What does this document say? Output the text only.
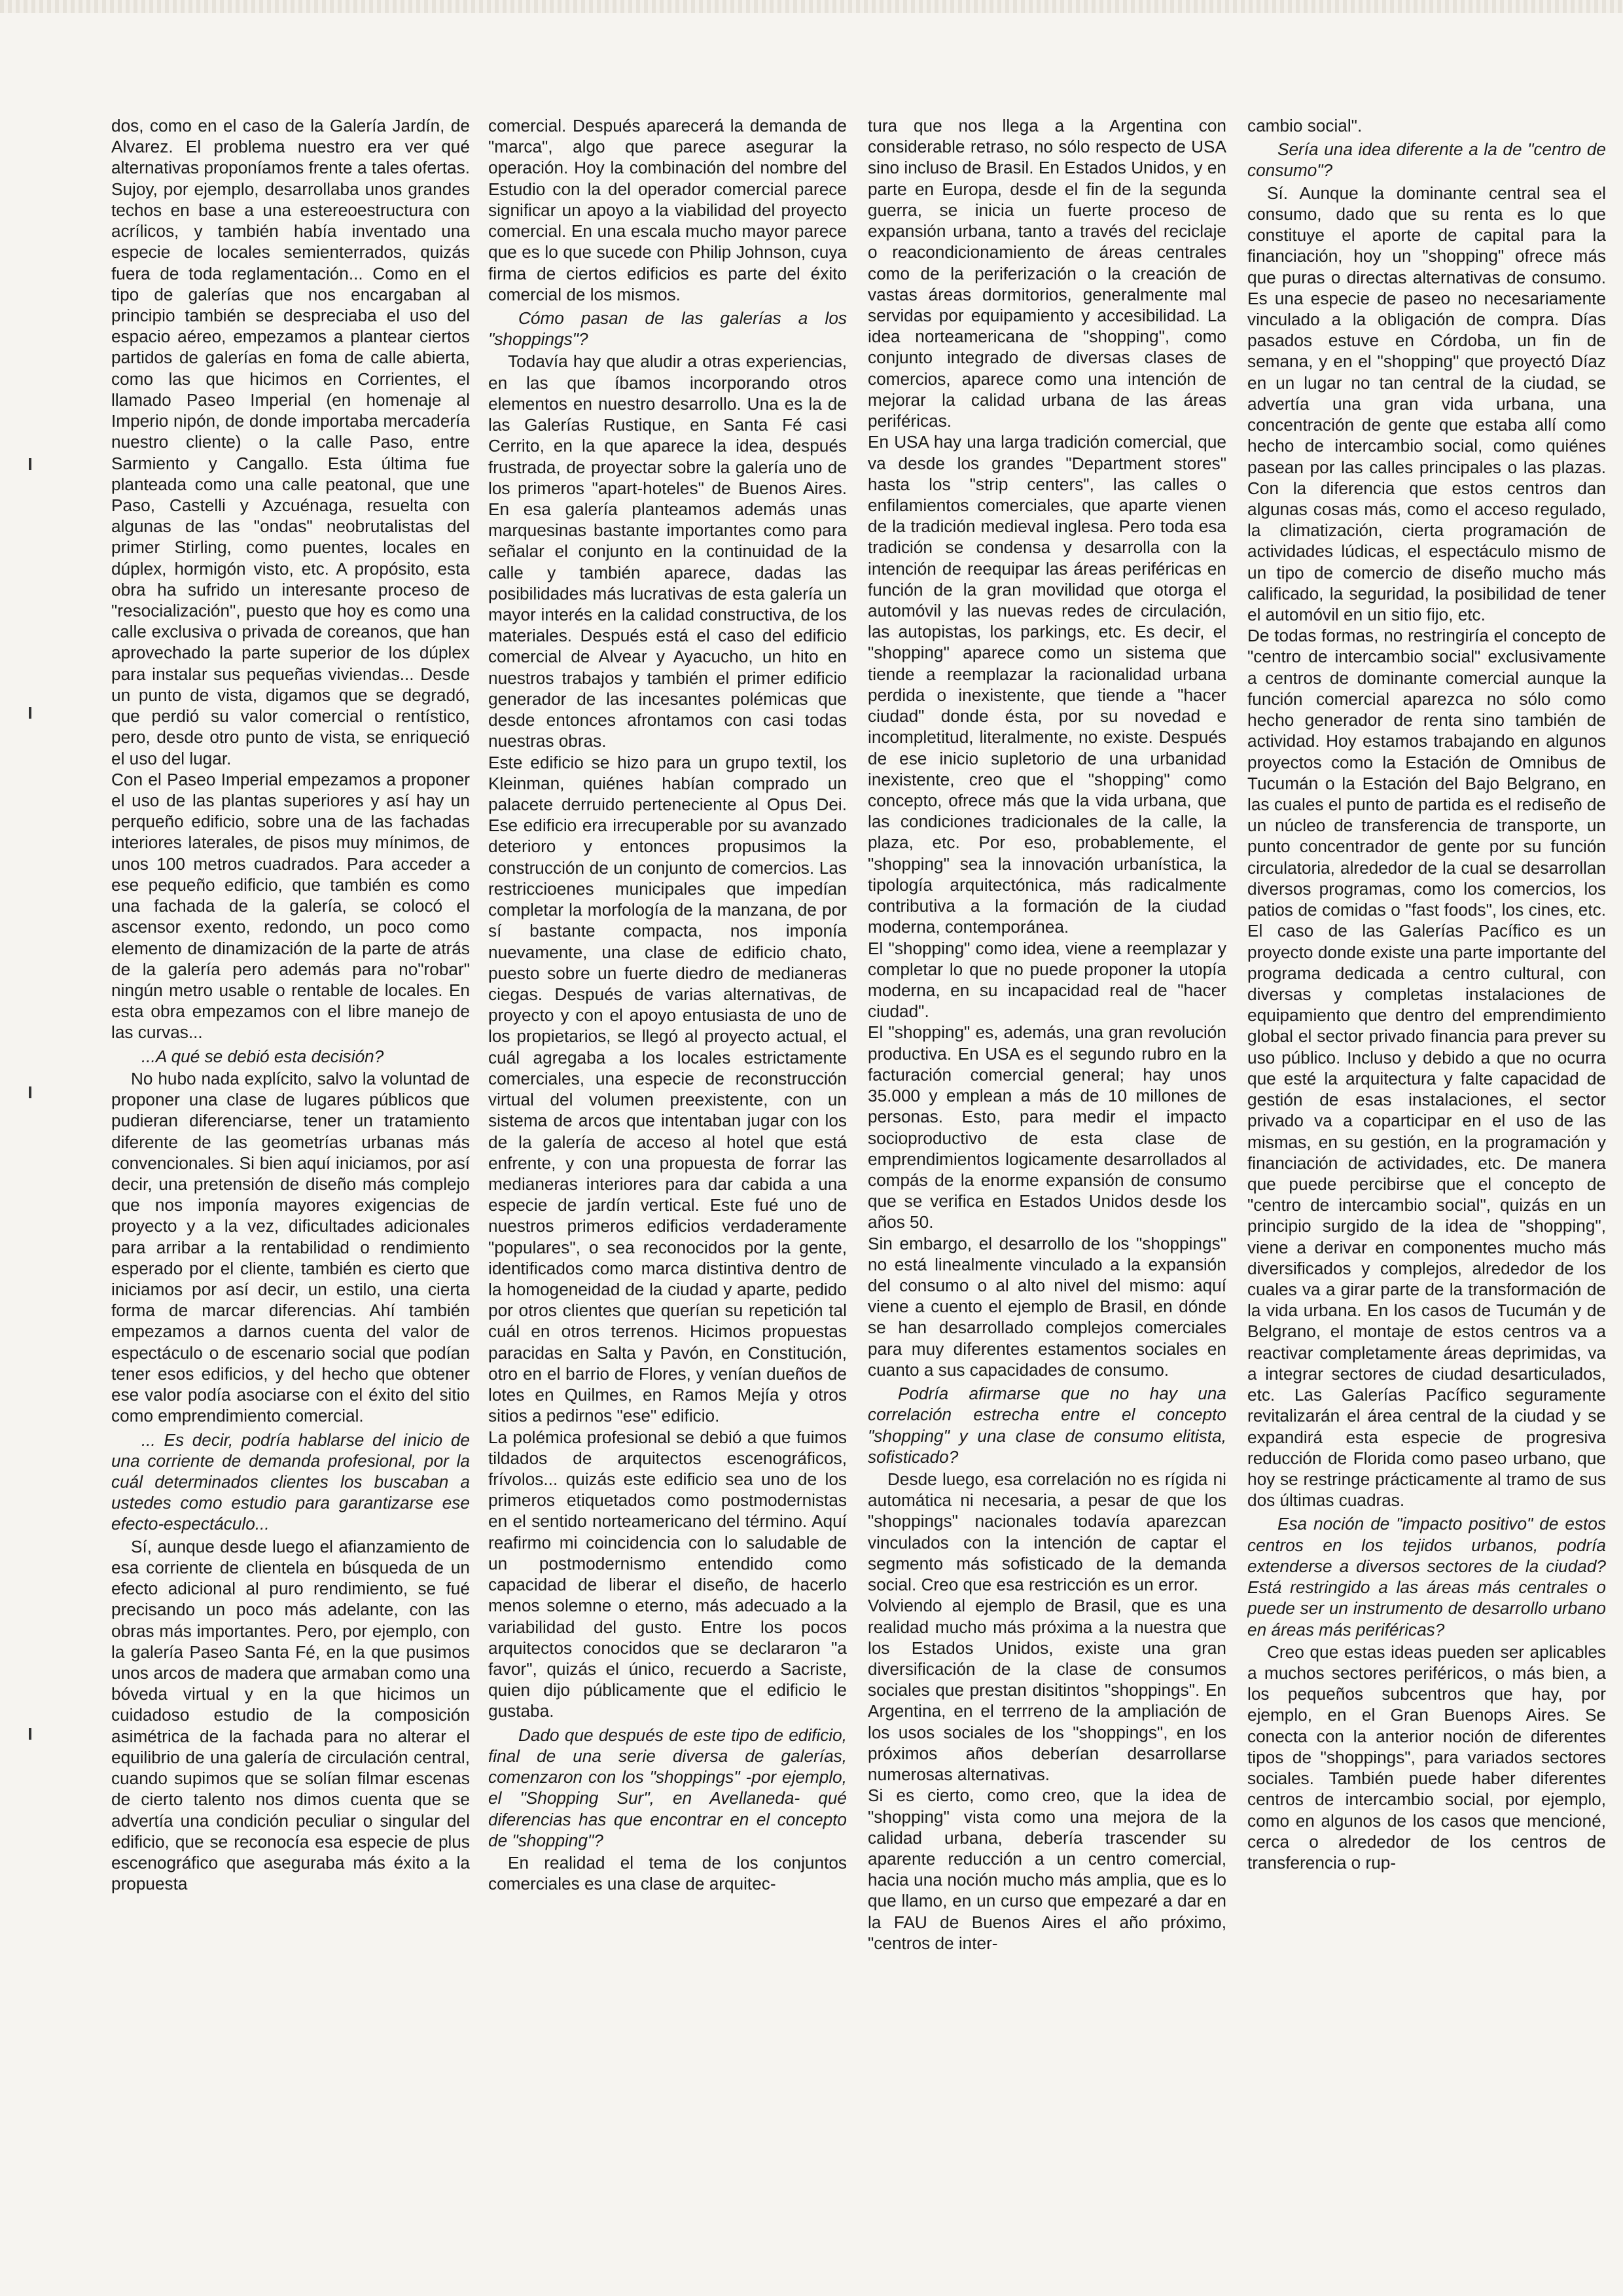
dos, como en el caso de la Galería Jardín, de Alvarez. El problema nuestro era ver qué alternativas proponíamos frente a tales ofertas. Sujoy, por ejemplo, desarrollaba unos grandes techos en base a una estereoestructura con acrílicos, y también había inventado una especie de locales semienterrados, quizás fuera de toda reglamentación... Como en el tipo de galerías que nos encargaban al principio también se despreciaba el uso del espacio aéreo, empezamos a plantear ciertos partidos de galerías en foma de calle abierta, como las que hicimos en Corrientes, el llamado Paseo Imperial (en homenaje al Imperio nipón, de donde importaba mercadería nuestro cliente) o la calle Paso, entre Sarmiento y Cangallo. Esta última fue planteada como una calle peatonal, que une Paso, Castelli y Azcuénaga, resuelta con algunas de las "ondas" neobrutalistas del primer Stirling, como puentes, locales en dúplex, hormigón visto, etc. A propósito, esta obra ha sufrido un interesante proceso de "resocialización", puesto que hoy es como una calle exclusiva o privada de coreanos, que han aprovechado la parte superior de los dúplex para instalar sus pequeñas viviendas... Desde un punto de vista, digamos que se degradó, que perdió su valor comercial o rentístico, pero, desde otro punto de vista, se enriqueció el uso del lugar.

Con el Paseo Imperial empezamos a proponer el uso de las plantas superiores y así hay un perqueño edificio, sobre una de las fachadas interiores laterales, de pisos muy mínimos, de unos 100 metros cuadrados. Para acceder a ese pequeño edificio, que también es como una fachada de la galería, se colocó el ascensor exento, redondo, un poco como elemento de dinamización de la parte de atrás de la galería pero además para no"robar" ningún metro usable o rentable de locales. En esta obra empezamos con el libre manejo de las curvas...

...A qué se debió esta decisión?

No hubo nada explícito, salvo la voluntad de proponer una clase de lugares públicos que pudieran diferenciarse, tener un tratamiento diferente de las geometrías urbanas más convencionales. Si bien aquí iniciamos, por así decir, una pretensión de diseño más complejo que nos imponía mayores exigencias de proyecto y a la vez, dificultades adicionales para arribar a la rentabilidad o rendimiento esperado por el cliente, también es cierto que iniciamos por así decir, un estilo, una cierta forma de marcar diferencias. Ahí también empezamos a darnos cuenta del valor de espectáculo o de escenario social que podían tener esos edificios, y del hecho que obtener ese valor podía asociarse con el éxito del sitio como emprendimiento comercial.

... Es decir, podría hablarse del inicio de una corriente de demanda profesional, por la cuál determinados clientes los buscaban a ustedes como estudio para garantizarse ese efecto-espectáculo...

Sí, aunque desde luego el afianzamiento de esa corriente de clientela en búsqueda de un efecto adicional al puro rendimiento, se fué precisando un poco más adelante, con las obras más importantes. Pero, por ejemplo, con la galería Paseo Santa Fé, en la que pusimos unos arcos de madera que armaban como una bóveda virtual y en la que hicimos un cuidadoso estudio de la composición asimétrica de la fachada para no alterar el equilibrio de una galería de circulación central, cuando supimos que se solían filmar escenas de cierto talento nos dimos cuenta que se advertía una condición peculiar o singular del edificio, que se reconocía esa especie de plus escenográfico que aseguraba más éxito a la propuesta

comercial. Después aparecerá la demanda de "marca", algo que parece asegurar la operación. Hoy la combinación del nombre del Estudio con la del operador comercial parece significar un apoyo a la viabilidad del proyecto comercial. En una escala mucho mayor parece que es lo que sucede con Philip Johnson, cuya firma de ciertos edificios es parte del éxito comercial de los mismos.

Cómo pasan de las galerías a los "shoppings"?

Todavía hay que aludir a otras experiencias, en las que íbamos incorporando otros elementos en nuestro desarrollo. Una es la de las Galerías Rustique, en Santa Fé casi Cerrito, en la que aparece la idea, después frustrada, de proyectar sobre la galería uno de los primeros "apart-hoteles" de Buenos Aires. En esa galería planteamos además unas marquesinas bastante importantes como para señalar el conjunto en la continuidad de la calle y también aparece, dadas las posibilidades más lucrativas de esta galería un mayor interés en la calidad constructiva, de los materiales. Después está el caso del edificio comercial de Alvear y Ayacucho, un hito en nuestros trabajos y también el primer edificio generador de las incesantes polémicas que desde entonces afrontamos con casi todas nuestras obras.

Este edificio se hizo para un grupo textil, los Kleinman, quiénes habían comprado un palacete derruido perteneciente al Opus Dei. Ese edificio era irrecuperable por su avanzado deterioro y entonces propusimos la construcción de un conjunto de comercios. Las restriccioenes municipales que impedían completar la morfología de la manzana, de por sí bastante compacta, nos imponía nuevamente, una clase de edificio chato, puesto sobre un fuerte diedro de medianeras ciegas. Después de varias alternativas, de proyecto y con el apoyo entusiasta de uno de los propietarios, se llegó al proyecto actual, el cuál agregaba a los locales estrictamente comerciales, una especie de reconstrucción virtual del volumen preexistente, con un sistema de arcos que intentaban jugar con los de la galería de acceso al hotel que está enfrente, y con una propuesta de forrar las medianeras interiores para dar cabida a una especie de jardín vertical. Este fué uno de nuestros primeros edificios verdaderamente "populares", o sea reconocidos por la gente, identificados como marca distintiva dentro de la homogeneidad de la ciudad y aparte, pedido por otros clientes que querían su repetición tal cuál en otros terrenos. Hicimos propuestas paracidas en Salta y Pavón, en Constitución, otro en el barrio de Flores, y venían dueños de lotes en Quilmes, en Ramos Mejía y otros sitios a pedirnos "ese" edificio.

La polémica profesional se debió a que fuimos tildados de arquitectos escenográficos, frívolos... quizás este edificio sea uno de los primeros etiquetados como postmodernistas en el sentido norteamericano del término. Aquí reafirmo mi coincidencia con lo saludable de un postmodernismo entendido como capacidad de liberar el diseño, de hacerlo menos solemne o eterno, más adecuado a la variabilidad del gusto. Entre los pocos arquitectos conocidos que se declararon "a favor", quizás el único, recuerdo a Sacriste, quien dijo públicamente que el edificio le gustaba.

Dado que después de este tipo de edificio, final de una serie diversa de galerías, comenzaron con los "shoppings" -por ejemplo, el "Shopping Sur", en Avellaneda- qué diferencias has que encontrar en el concepto de "shopping"?

En realidad el tema de los conjuntos comerciales es una clase de arquitec-

tura que nos llega a la Argentina con considerable retraso, no sólo respecto de USA sino incluso de Brasil. En Estados Unidos, y en parte en Europa, desde el fin de la segunda guerra, se inicia un fuerte proceso de expansión urbana, tanto a través del reciclaje o reacondicionamiento de áreas centrales como de la periferización o la creación de vastas áreas dormitorios, generalmente mal servidas por equipamiento y accesibilidad. La idea norteamericana de "shopping", como conjunto integrado de diversas clases de comercios, aparece como una intención de mejorar la calidad urbana de las áreas periféricas.

En USA hay una larga tradición comercial, que va desde los grandes "Department stores" hasta los "strip centers", las calles o enfilamientos comerciales, que aparte vienen de la tradición medieval inglesa. Pero toda esa tradición se condensa y desarrolla con la intención de reequipar las áreas periféricas en función de la gran movilidad que otorga el automóvil y las nuevas redes de circulación, las autopistas, los parkings, etc. Es decir, el "shopping" aparece como un sistema que tiende a reemplazar la racionalidad urbana perdida o inexistente, que tiende a "hacer ciudad" donde ésta, por su novedad e incompletitud, literalmente, no existe. Después de ese inicio supletorio de una urbanidad inexistente, creo que el "shopping" como concepto, ofrece más que la vida urbana, que las condiciones tradicionales de la calle, la plaza, etc. Por eso, probablemente, el "shopping" sea la innovación urbanística, la tipología arquitectónica, más radicalmente contributiva a la formación de la ciudad moderna, contemporánea.

El "shopping" como idea, viene a reemplazar y completar lo que no puede proponer la utopía moderna, en su incapacidad real de "hacer ciudad".

El "shopping" es, además, una gran revolución productiva. En USA es el segundo rubro en la facturación comercial general; hay unos 35.000 y emplean a más de 10 millones de personas. Esto, para medir el impacto socioproductivo de esta clase de emprendimientos logicamente desarrollados al compás de la enorme expansión de consumo que se verifica en Estados Unidos desde los años 50.

Sin embargo, el desarrollo de los "shoppings" no está linealmente vinculado a la expansión del consumo o al alto nivel del mismo: aquí viene a cuento el ejemplo de Brasil, en dónde se han desarrollado complejos comerciales para muy diferentes estamentos sociales en cuanto a sus capacidades de consumo.

Podría afirmarse que no hay una correlación estrecha entre el concepto "shopping" y una clase de consumo elitista, sofisticado?

Desde luego, esa correlación no es rígida ni automática ni necesaria, a pesar de que los "shoppings" nacionales todavía aparezcan vinculados con la intención de captar el segmento más sofisticado de la demanda social. Creo que esa restricción es un error.

Volviendo al ejemplo de Brasil, que es una realidad mucho más próxima a la nuestra que los Estados Unidos, existe una gran diversificación de la clase de consumos sociales que prestan disitintos "shoppings". En Argentina, en el terrreno de la ampliación de los usos sociales de los "shoppings", en los próximos años deberían desarrollarse numerosas alternativas.

Si es cierto, como creo, que la idea de "shopping" vista como una mejora de la calidad urbana, debería trascender su aparente reducción a un centro comercial, hacia una noción mucho más amplia, que es lo que llamo, en un curso que empezaré a dar en la FAU de Buenos Aires el año próximo, "centros de inter-

cambio social".

Sería una idea diferente a la de "centro de consumo"?

Sí. Aunque la dominante central sea el consumo, dado que su renta es lo que constituye el aporte de capital para la financiación, hoy un "shopping" ofrece más que puras o directas alternativas de consumo. Es una especie de paseo no necesariamente vinculado a la obligación de compra. Días pasados estuve en Córdoba, un fin de semana, y en el "shopping" que proyectó Díaz en un lugar no tan central de la ciudad, se advertía una gran vida urbana, una concentración de gente que estaba allí como hecho de intercambio social, como quiénes pasean por las calles principales o las plazas. Con la diferencia que estos centros dan algunas cosas más, como el acceso regulado, la climatización, cierta programación de actividades lúdicas, el espectáculo mismo de un tipo de comercio de diseño mucho más calificado, la seguridad, la posibilidad de tener el automóvil en un sitio fijo, etc.

De todas formas, no restringiría el concepto de "centro de intercambio social" exclusivamente a centros de dominante comercial aunque la función comercial aparezca no sólo como hecho generador de renta sino también de actividad. Hoy estamos trabajando en algunos proyectos como la Estación de Omnibus de Tucumán o la Estación del Bajo Belgrano, en las cuales el punto de partida es el rediseño de un núcleo de transferencia de transporte, un punto concentrador de gente por su función circulatoria, alrededor de la cual se desarrollan diversos programas, como los comercios, los patios de comidas o "fast foods", los cines, etc. El caso de las Galerías Pacífico es un proyecto donde existe una parte importante del programa dedicada a centro cultural, con diversas y completas instalaciones de equipamiento que dentro del emprendimiento global el sector privado financia para prever su uso público. Incluso y debido a que no ocurra que esté la arquitectura y falte capacidad de gestión de esas instalaciones, el sector privado va a coparticipar en el uso de las mismas, en su gestión, en la programación y financiación de actividades, etc. De manera que puede percibirse que el concepto de "centro de intercambio social", quizás en un principio surgido de la idea de "shopping", viene a derivar en componentes mucho más diversificados y complejos, alrededor de los cuales va a girar parte de la transformación de la vida urbana. En los casos de Tucumán y de Belgrano, el montaje de estos centros va a reactivar completamente áreas deprimidas, va a integrar sectores de ciudad desarticulados, etc. Las Galerías Pacífico seguramente revitalizarán el área central de la ciudad y se expandirá esta especie de progresiva reducción de Florida como paseo urbano, que hoy se restringe prácticamente al tramo de sus dos últimas cuadras.

Esa noción de "impacto positivo" de estos centros en los tejidos urbanos, podría extenderse a diversos sectores de la ciudad? Está restringido a las áreas más centrales o puede ser un instrumento de desarrollo urbano en áreas más periféricas?

Creo que estas ideas pueden ser aplicables a muchos sectores periféricos, o más bien, a los pequeños subcentros que hay, por ejemplo, en el Gran Buenops Aires. Se conecta con la anterior noción de diferentes tipos de "shoppings", para variados sectores sociales. También puede haber diferentes centros de intercambio social, por ejemplo, como en algunos de los casos que mencioné, cerca o alrededor de los centros de transferencia o rup-
